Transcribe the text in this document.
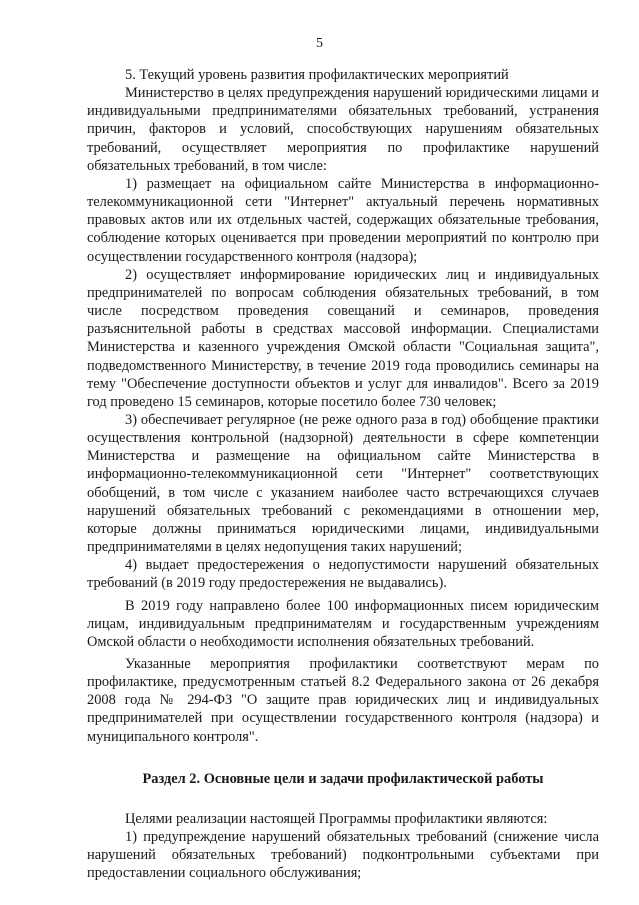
5

5. Текущий уровень развития профилактических мероприятий

Министерство в целях предупреждения нарушений юридическими лицами и индивидуальными предпринимателями обязательных требований, устранения причин, факторов и условий, способствующих нарушениям обязательных требований, осуществляет мероприятия по профилактике нарушений обязательных требований, в том числе:

1) размещает на официальном сайте Министерства в информационно-телекоммуникационной сети "Интернет" актуальный перечень нормативных правовых актов или их отдельных частей, содержащих обязательные требования, соблюдение которых оценивается при проведении мероприятий по контролю при осуществлении государственного контроля (надзора);

2) осуществляет информирование юридических лиц и индивидуальных предпринимателей по вопросам соблюдения обязательных требований, в том числе посредством проведения совещаний и семинаров, проведения разъяснительной работы в средствах массовой информации. Специалистами Министерства и казенного учреждения Омской области "Социальная защита", подведомственного Министерству, в течение 2019 года проводились семинары на тему "Обеспечение доступности объектов и услуг для инвалидов". Всего за 2019 год проведено 15 семинаров, которые посетило более 730 человек;

3) обеспечивает регулярное (не реже одного раза в год) обобщение практики осуществления контрольной (надзорной) деятельности в сфере компетенции Министерства и размещение на официальном сайте Министерства в информационно-телекоммуникационной сети "Интернет" соответствующих обобщений, в том числе с указанием наиболее часто встречающихся случаев нарушений обязательных требований с рекомендациями в отношении мер, которые должны приниматься юридическими лицами, индивидуальными предпринимателями в целях недопущения таких нарушений;

4) выдает предостережения о недопустимости нарушений обязательных требований (в 2019 году предостережения не выдавались).

В 2019 году направлено более 100 информационных писем юридическим лицам, индивидуальным предпринимателям и государственным учреждениям Омской области о необходимости исполнения обязательных требований.

Указанные мероприятия профилактики соответствуют мерам по профилактике, предусмотренным статьей 8.2 Федерального закона от 26 декабря 2008 года № 294-ФЗ "О защите прав юридических лиц и индивидуальных предпринимателей при осуществлении государственного контроля (надзора) и муниципального контроля".

Раздел 2. Основные цели и задачи профилактической работы

Целями реализации настоящей Программы профилактики являются:

1) предупреждение нарушений обязательных требований (снижение числа нарушений обязательных требований) подконтрольными субъектами при предоставлении социального обслуживания;
